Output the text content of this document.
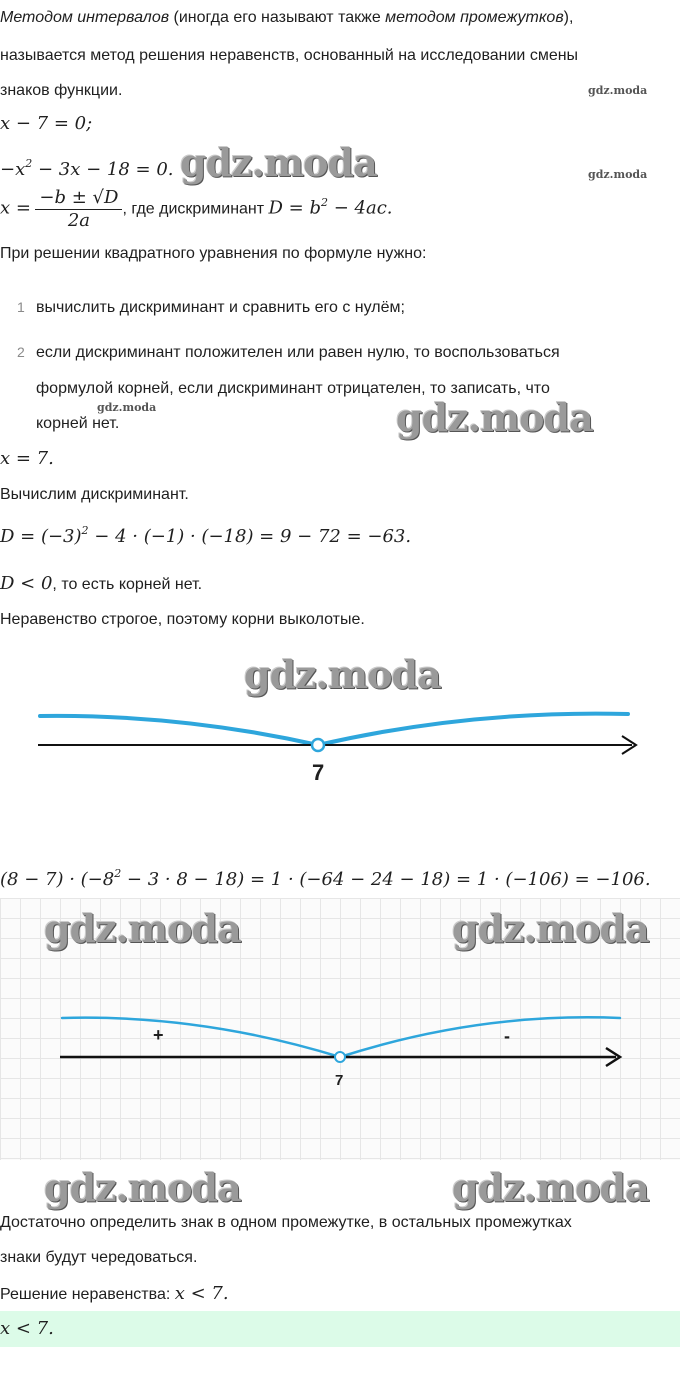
Методом интервалов (иногда его называют также методом промежутков),
называется метод решения неравенств, основанный на исследовании смены
знаков функции.	gdz.moda
x − 7 = 0;
$-x^2 - 3x - 18 = 0$. gdz.moda	gdz.moda
$x = \frac{-b \pm √D}{2a}$ , где дискриминант $D = b^2 - 4ac$.
При решении квадратного уравнения по формуле нужно:
1 вычислить дискриминант и сравнить его с нулём;
2 если дискриминант положителен или равен нулю, то воспользоваться
формулой корней, если дискриминант отрицателен, то записать, что
корней нет.
gdz.moda	gdz.moda
x = 7.
Вычислим дискриминант.
$D = (-3)^2 - 4 \cdot (-1) \cdot (-18) = 9 - 72 = -63$.
D < 0, то есть корней нет.
Неравенство строгое, поэтому корни выколотые.
gdz.moda
7
$(8 - 7) \cdot (-8^2 - 3 \cdot 8 - 18) = 1 \cdot (-64 - 24 - 18) = 1 \cdot (-106) = -106$.
gdz.moda	gdz.moda
+	-
7
gdz.moda	gdz.moda
Достаточно определить знак в одном промежутке, в остальных промежутках
знаки будут чередоваться.
Решение неравенства: x < 7.
x < 7.
